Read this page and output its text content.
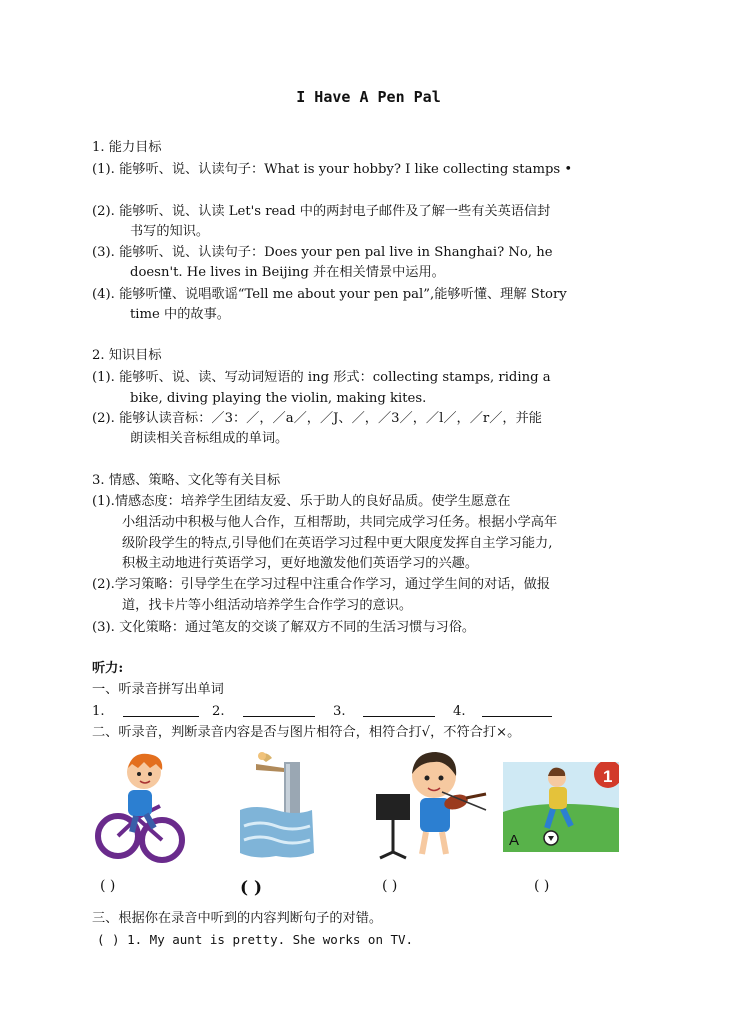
I Have A Pen Pal
1. 能力目标
(1). 能够听、说、认读句子：What is your hobby? I like collecting stamps •
(2). 能够听、说、认读 Let's read 中的两封电子邮件及了解一些有关英语信封
书写的知识。
(3). 能够听、说、认读句子：Does your pen pal live in Shanghai? No, he
doesn't. He lives in Beijing 并在相关情景中运用。
(4). 能够听懂、说唱歌谣“Tell me about your pen pal”,能够听懂、理解 Story
time 中的故事。
2. 知识目标
(1). 能够听、说、读、写动词短语的 ing 形式：collecting stamps, riding a
bike, diving playing the violin, making kites.
(2). 能够认读音标：／3：／，／a／，／J、／，／3／，／l／，／r／，并能
朗读相关音标组成的单词。
3. 情感、策略、文化等有关目标
(1).情感态度：培养学生团结友爱、乐于助人的良好品质。使学生愿意在
小组活动中积极与他人合作，互相帮助，共同完成学习任务。根据小学高年
级阶段学生的特点,引导他们在英语学习过程中更大限度发挥自主学习能力,
积极主动地进行英语学习，更好地激发他们英语学习的兴趣。
(2).学习策略：引导学生在学习过程中注重合作学习，通过学生间的对话，做报
道，找卡片等小组活动培养学生合作学习的意识。
(3). 文化策略：通过笔友的交谈了解双方不同的生活习惯与习俗。
听力:
一、听录音拼写出单词
1.	2.	3.	4.
二、听录音，判断录音内容是否与图片相符合，相符合打√，不符合打×。
A
1
( )	( )	( )	( )
三、根据你在录音中听到的内容判断句子的对错。
( ) 1. My aunt is pretty. She works on TV.
